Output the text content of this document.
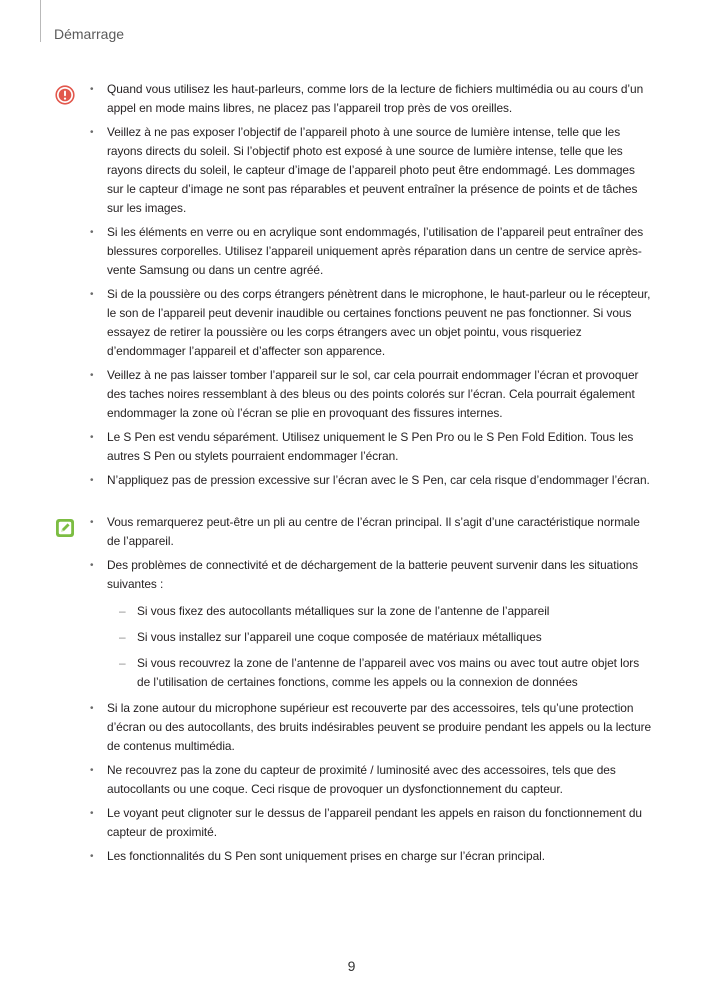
Démarrage
• Quand vous utilisez les haut-parleurs, comme lors de la lecture de fichiers multimédia ou au cours d’un appel en mode mains libres, ne placez pas l’appareil trop près de vos oreilles.
• Veillez à ne pas exposer l’objectif de l’appareil photo à une source de lumière intense, telle que les rayons directs du soleil. Si l’objectif photo est exposé à une source de lumière intense, telle que les rayons directs du soleil, le capteur d’image de l’appareil photo peut être endommagé. Les dommages sur le capteur d’image ne sont pas réparables et peuvent entraîner la présence de points et de tâches sur les images.
• Si les éléments en verre ou en acrylique sont endommagés, l’utilisation de l’appareil peut entraîner des blessures corporelles. Utilisez l’appareil uniquement après réparation dans un centre de service après-vente Samsung ou dans un centre agréé.
• Si de la poussière ou des corps étrangers pénètrent dans le microphone, le haut-parleur ou le récepteur, le son de l’appareil peut devenir inaudible ou certaines fonctions peuvent ne pas fonctionner. Si vous essayez de retirer la poussière ou les corps étrangers avec un objet pointu, vous risqueriez d’endommager l’appareil et d’affecter son apparence.
• Veillez à ne pas laisser tomber l’appareil sur le sol, car cela pourrait endommager l’écran et provoquer des taches noires ressemblant à des bleus ou des points colorés sur l’écran. Cela pourrait également endommager la zone où l’écran se plie en provoquant des fissures internes.
• Le S Pen est vendu séparément. Utilisez uniquement le S Pen Pro ou le S Pen Fold Edition. Tous les autres S Pen ou stylets pourraient endommager l’écran.
• N’appliquez pas de pression excessive sur l’écran avec le S Pen, car cela risque d’endommager l’écran.
• Vous remarquerez peut-être un pli au centre de l’écran principal. Il s’agit d’une caractéristique normale de l’appareil.
• Des problèmes de connectivité et de déchargement de la batterie peuvent survenir dans les situations suivantes :
– Si vous fixez des autocollants métalliques sur la zone de l’antenne de l’appareil
– Si vous installez sur l’appareil une coque composée de matériaux métalliques
– Si vous recouvrez la zone de l’antenne de l’appareil avec vos mains ou avec tout autre objet lors de l’utilisation de certaines fonctions, comme les appels ou la connexion de données
• Si la zone autour du microphone supérieur est recouverte par des accessoires, tels qu’une protection d’écran ou des autocollants, des bruits indésirables peuvent se produire pendant les appels ou la lecture de contenus multimédia.
• Ne recouvrez pas la zone du capteur de proximité / luminosité avec des accessoires, tels que des autocollants ou une coque. Ceci risque de provoquer un dysfonctionnement du capteur.
• Le voyant peut clignoter sur le dessus de l’appareil pendant les appels en raison du fonctionnement du capteur de proximité.
• Les fonctionnalités du S Pen sont uniquement prises en charge sur l’écran principal.
9
